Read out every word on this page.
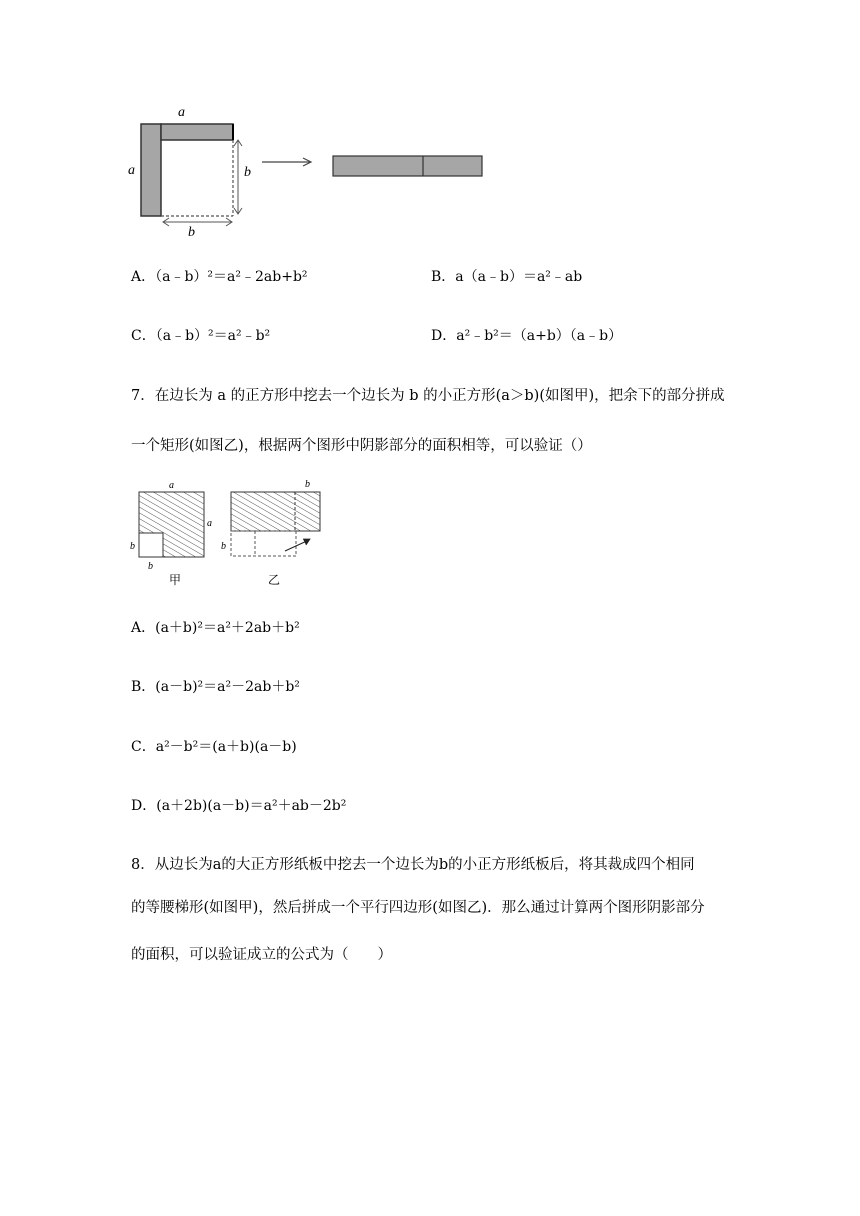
a
a	b
b
A．（a﹣b）²＝a²﹣2ab+b²	B．a（a﹣b）＝a²﹣ab
C．（a﹣b）²＝a²﹣b²	D．a²﹣b²＝（a+b）（a﹣b）
7．在边长为 a 的正方形中挖去一个边长为 b 的小正方形(a＞b)(如图甲)，把余下的部分拼成
一个矩形(如图乙)，根据两个图形中阴影部分的面积相等，可以验证（）
a
a
b
b
甲
b
b
乙
A．(a＋b)²＝a²＋2ab＋b²
B．(a－b)²＝a²－2ab＋b²
C．a²－b²＝(a＋b)(a－b)
D．(a＋2b)(a－b)＝a²＋ab－2b²
8．从边长为a的大正方形纸板中挖去一个边长为b的小正方形纸板后，将其裁成四个相同
的等腰梯形(如图甲)，然后拼成一个平行四边形(如图乙)．那么通过计算两个图形阴影部分
的面积，可以验证成立的公式为（　　）
